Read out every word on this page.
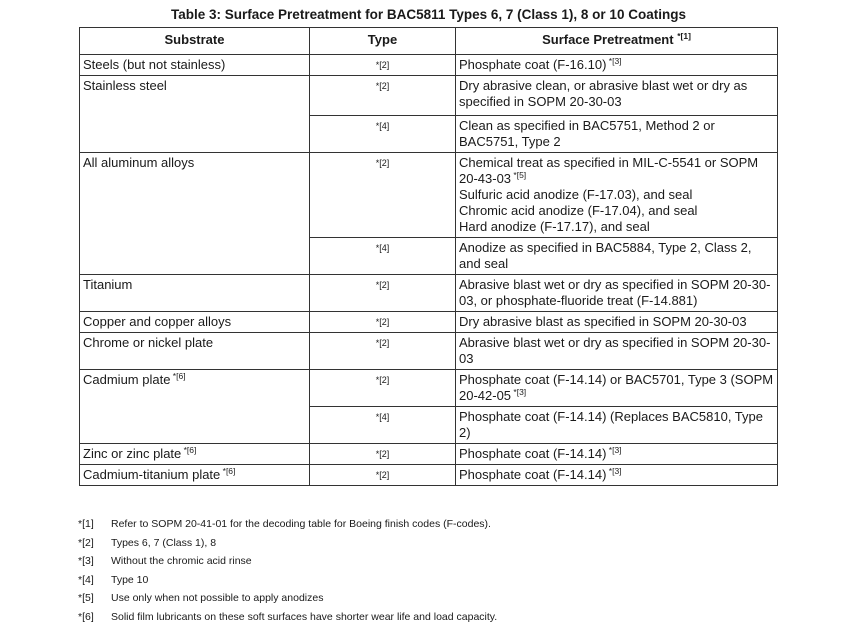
Table 3: Surface Pretreatment for BAC5811 Types 6, 7 (Class 1), 8 or 10 Coatings
Substrate	Type	Surface Pretreatment $^{*[1]}$
Steels (but not stainless)	*[2]	Phosphate coat (F-16.10) $^{*[3]}$

Stainless steel	*[2]	Dry abrasive clean, or abrasive blast wet or dry as specified in SOPM 20-30-03

	*[4]	Clean as specified in BAC5751, Method 2 or BAC5751, Type 2

All aluminum alloys	*[2]	Chemical treat as specified in MIL-C-5541 or SOPM 20-43-03 $^{*[5]}$
Sulfuric acid anodize (F-17.03), and seal
Chromic acid anodize (F-17.04), and seal
Hard anodize (F-17.17), and seal

	*[4]	Anodize as specified in BAC5884, Type 2, Class 2, and seal

Titanium	*[2]	Abrasive blast wet or dry as specified in SOPM 20-30-03, or phosphate-fluoride treat (F-14.881)

Copper and copper alloys	*[2]	Dry abrasive blast as specified in SOPM 20-30-03

Chrome or nickel plate	*[2]	Abrasive blast wet or dry as specified in SOPM 20-30-03

Cadmium plate $^{*[6]}$	*[2]	Phosphate coat (F-14.14) or BAC5701, Type 3 (SOPM 20-42-05 $^{*[3]}$

	*[4]	Phosphate coat (F-14.14) (Replaces BAC5810, Type 2)

Zinc or zinc plate $^{*[6]}$	*[2]	Phosphate coat (F-14.14) $^{*[3]}$

Cadmium-titanium plate $^{*[6]}$	*[2]	Phosphate coat (F-14.14) $^{*[3]}$
*[1] Refer to SOPM 20-41-01 for the decoding table for Boeing finish codes (F-codes).
*[2] Types 6, 7 (Class 1), 8
*[3] Without the chromic acid rinse
*[4] Type 10
*[5] Use only when not possible to apply anodizes
*[6] Solid film lubricants on these soft surfaces have shorter wear life and load capacity.
